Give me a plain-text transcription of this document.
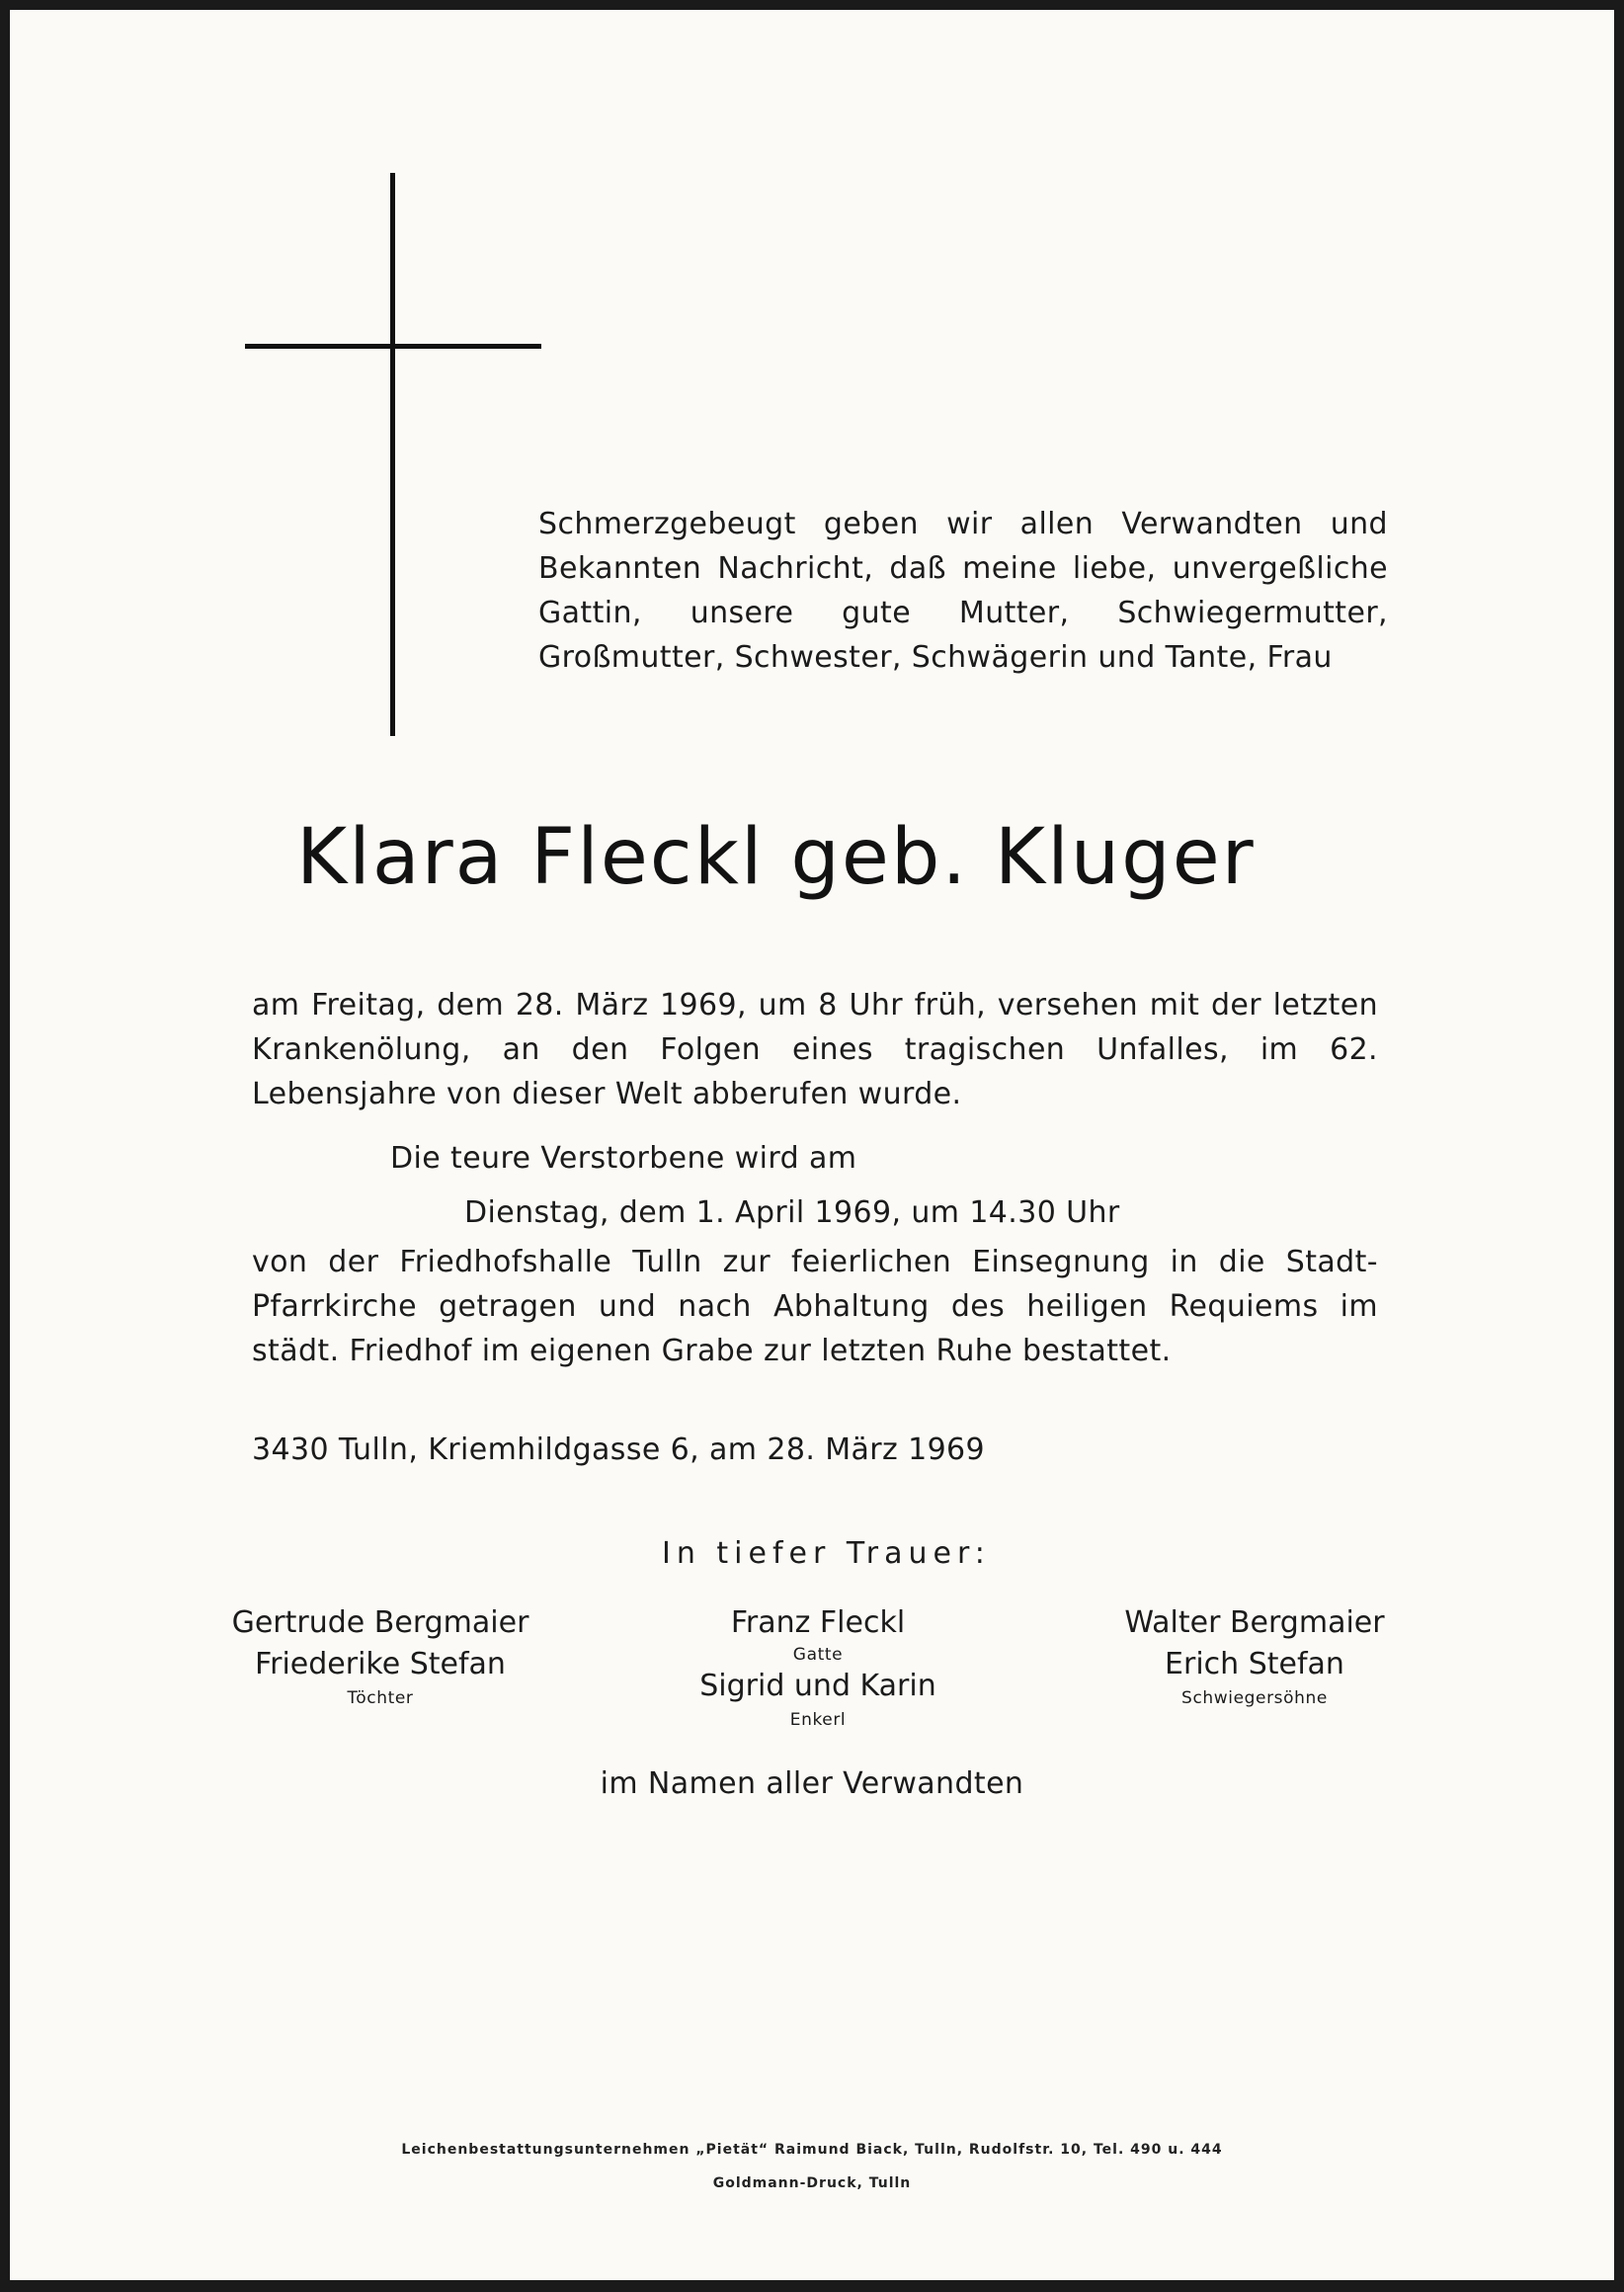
Schmerzgebeugt geben wir allen Verwandten und Bekannten Nachricht, daß meine liebe, unvergeßliche Gattin, unsere gute Mutter, Schwiegermutter, Großmutter, Schwester, Schwägerin und Tante, Frau
Klara Fleckl geb. Kluger
am Freitag, dem 28. März 1969, um 8 Uhr früh, versehen mit der letzten Krankenölung, an den Folgen eines tragischen Unfalles, im 62. Lebensjahre von dieser Welt abberufen wurde.
Die teure Verstorbene wird am
Dienstag, dem 1. April 1969, um 14.30 Uhr
von der Friedhofshalle Tulln zur feierlichen Einsegnung in die Stadt-Pfarrkirche getragen und nach Abhaltung des heiligen Requiems im städt. Friedhof im eigenen Grabe zur letzten Ruhe bestattet.
3430 Tulln, Kriemhildgasse 6, am 28. März 1969
In tiefer Trauer:
Gertrude Bergmaier
Friederike Stefan
Töchter
Franz Fleckl
Gatte
Sigrid und Karin
Enkerl
Walter Bergmaier
Erich Stefan
Schwiegersöhne
im Namen aller Verwandten
Leichenbestattungsunternehmen „Pietät“ Raimund Biack, Tulln, Rudolfstr. 10, Tel. 490 u. 444
Goldmann-Druck, Tulln
